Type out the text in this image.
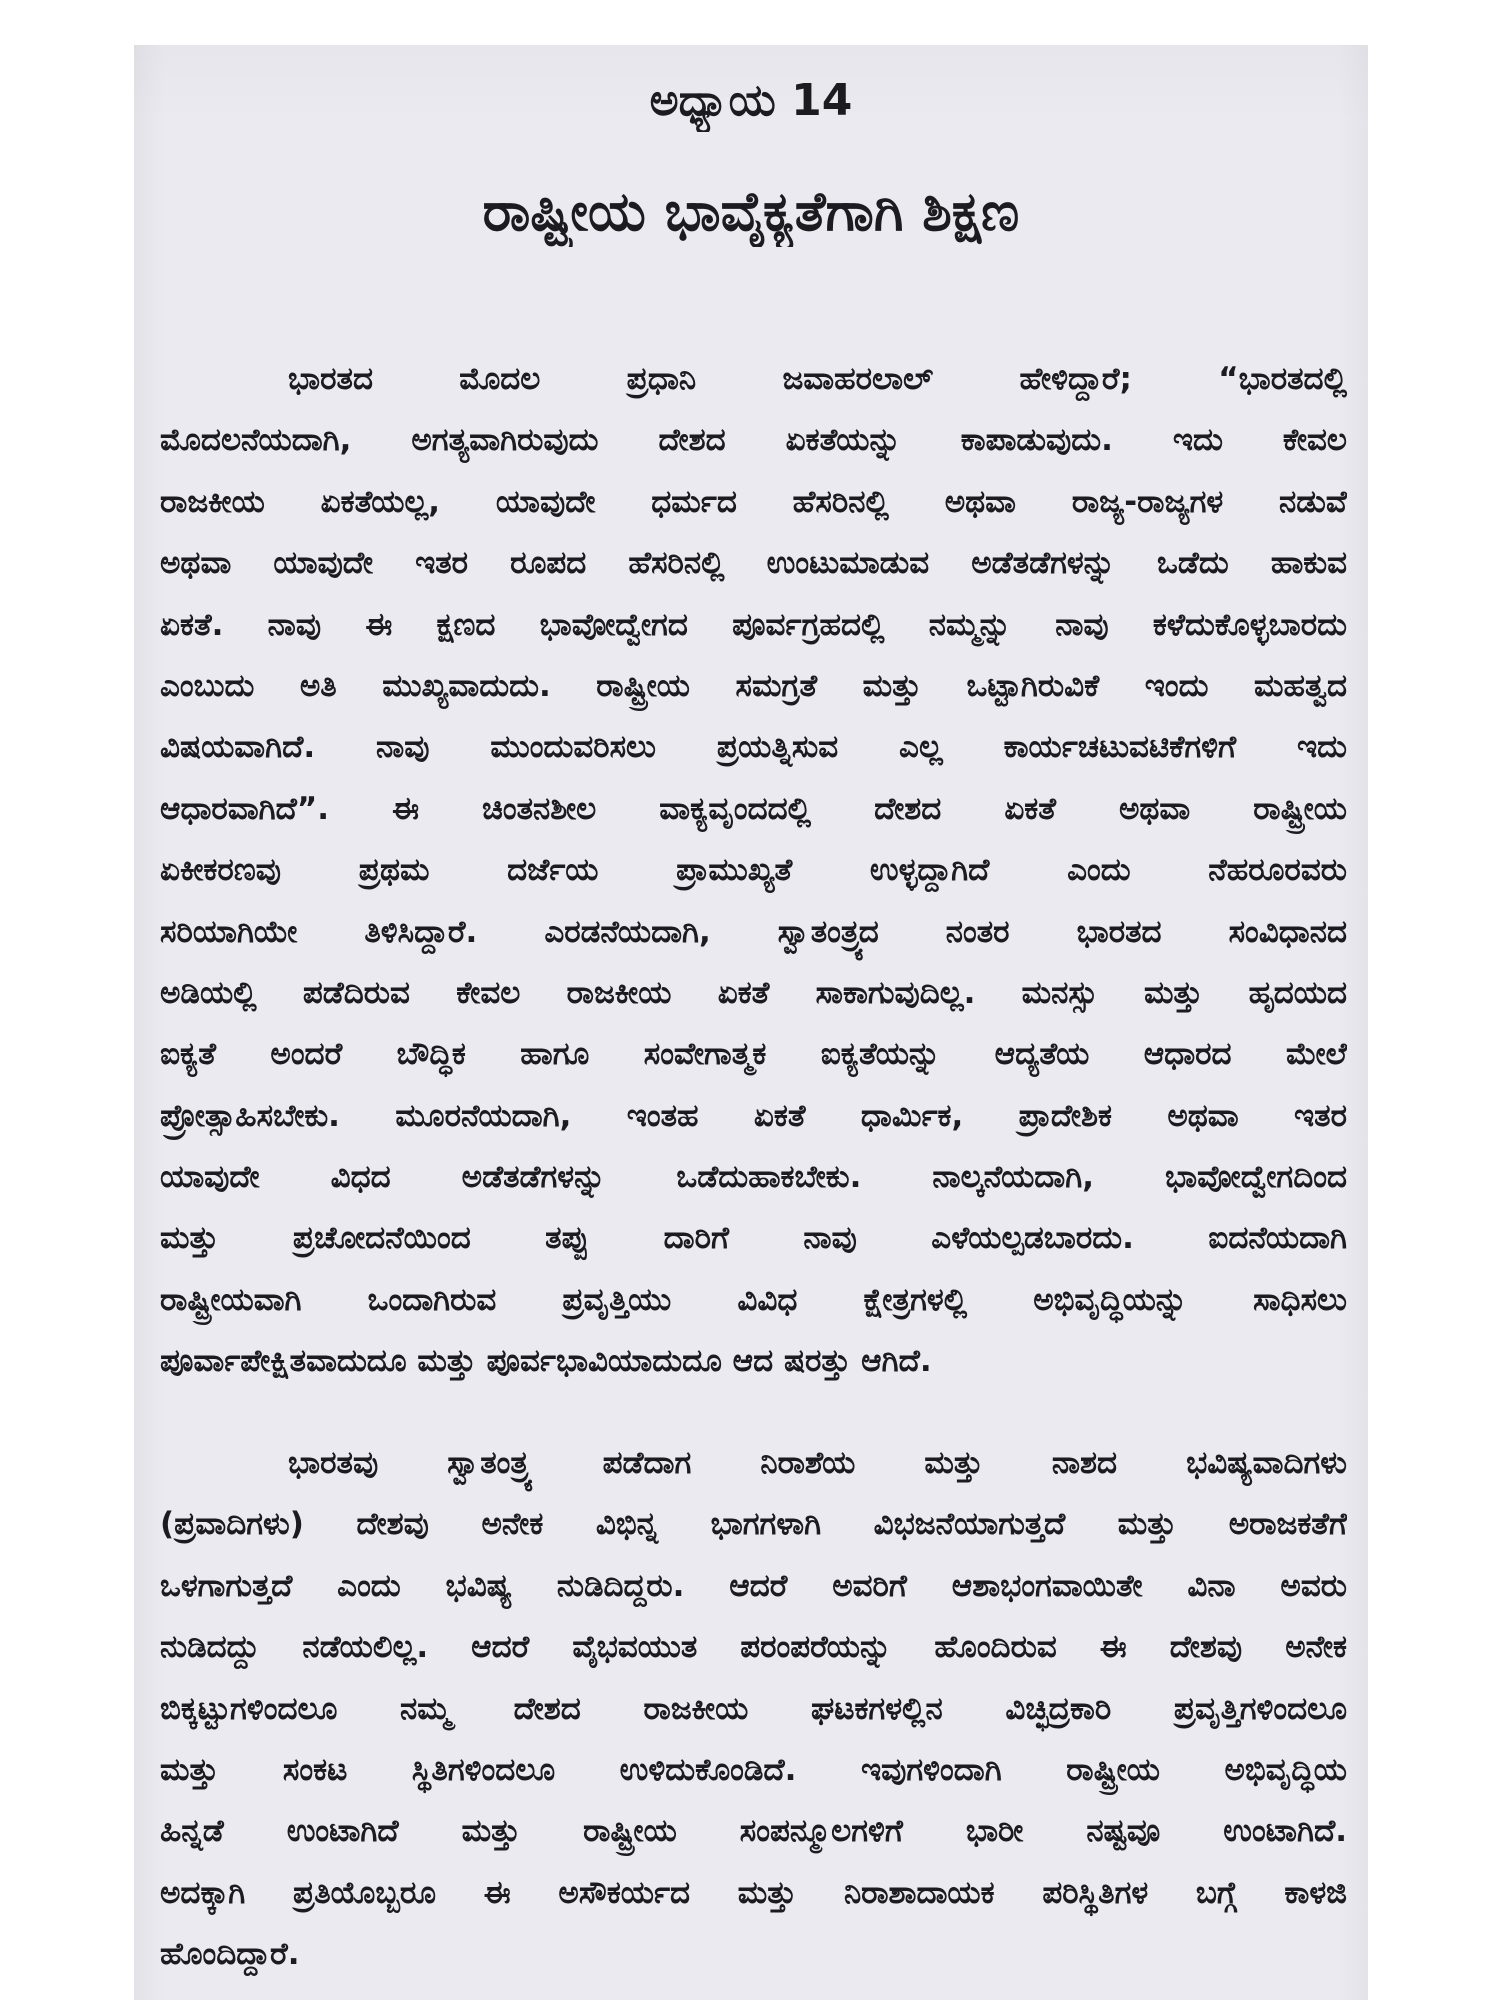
ಅಧ್ಯಾಯ 14
ರಾಷ್ಟ್ರೀಯ ಭಾವೈಕ್ಯತೆಗಾಗಿ ಶಿಕ್ಷಣ
ಭಾರತದ ಮೊದಲ ಪ್ರಧಾನಿ ಜವಾಹರಲಾಲ್ ಹೇಳಿದ್ದಾರೆ; “ಭಾರತದಲ್ಲಿ
ಮೊದಲನೆಯದಾಗಿ, ಅಗತ್ಯವಾಗಿರುವುದು ದೇಶದ ಏಕತೆಯನ್ನು ಕಾಪಾಡುವುದು. ಇದು ಕೇವಲ
ರಾಜಕೀಯ ಏಕತೆಯಲ್ಲ, ಯಾವುದೇ ಧರ್ಮದ ಹೆಸರಿನಲ್ಲಿ ಅಥವಾ ರಾಜ್ಯ-ರಾಜ್ಯಗಳ ನಡುವೆ
ಅಥವಾ ಯಾವುದೇ ಇತರ ರೂಪದ ಹೆಸರಿನಲ್ಲಿ ಉಂಟುಮಾಡುವ ಅಡೆತಡೆಗಳನ್ನು ಒಡೆದು ಹಾಕುವ
ಏಕತೆ. ನಾವು ಈ ಕ್ಷಣದ ಭಾವೋದ್ವೇಗದ ಪೂರ್ವಗ್ರಹದಲ್ಲಿ ನಮ್ಮನ್ನು ನಾವು ಕಳೆದುಕೊಳ್ಳಬಾರದು
ಎಂಬುದು ಅತಿ ಮುಖ್ಯವಾದುದು. ರಾಷ್ಟ್ರೀಯ ಸಮಗ್ರತೆ ಮತ್ತು ಒಟ್ಟಾಗಿರುವಿಕೆ ಇಂದು ಮಹತ್ವದ
ವಿಷಯವಾಗಿದೆ. ನಾವು ಮುಂದುವರಿಸಲು ಪ್ರಯತ್ನಿಸುವ ಎಲ್ಲ ಕಾರ್ಯಚಟುವಟಿಕೆಗಳಿಗೆ ಇದು
ಆಧಾರವಾಗಿದೆ”. ಈ ಚಿಂತನಶೀಲ ವಾಕ್ಯವೃಂದದಲ್ಲಿ ದೇಶದ ಏಕತೆ ಅಥವಾ ರಾಷ್ಟ್ರೀಯ
ಏಕೀಕರಣವು ಪ್ರಥಮ ದರ್ಜೆಯ ಪ್ರಾಮುಖ್ಯತೆ ಉಳ್ಳದ್ದಾಗಿದೆ ಎಂದು ನೆಹರೂರವರು
ಸರಿಯಾಗಿಯೇ ತಿಳಿಸಿದ್ದಾರೆ. ಎರಡನೆಯದಾಗಿ, ಸ್ವಾತಂತ್ರ್ಯದ ನಂತರ ಭಾರತದ ಸಂವಿಧಾನದ
ಅಡಿಯಲ್ಲಿ ಪಡೆದಿರುವ ಕೇವಲ ರಾಜಕೀಯ ಏಕತೆ ಸಾಕಾಗುವುದಿಲ್ಲ. ಮನಸ್ಸು ಮತ್ತು ಹೃದಯದ
ಐಕ್ಯತೆ ಅಂದರೆ ಬೌದ್ಧಿಕ ಹಾಗೂ ಸಂವೇಗಾತ್ಮಕ ಐಕ್ಯತೆಯನ್ನು ಆದ್ಯತೆಯ ಆಧಾರದ ಮೇಲೆ
ಪ್ರೋತ್ಸಾಹಿಸಬೇಕು. ಮೂರನೆಯದಾಗಿ, ಇಂತಹ ಏಕತೆ ಧಾರ್ಮಿಕ, ಪ್ರಾದೇಶಿಕ ಅಥವಾ ಇತರ
ಯಾವುದೇ ವಿಧದ ಅಡೆತಡೆಗಳನ್ನು ಒಡೆದುಹಾಕಬೇಕು. ನಾಲ್ಕನೆಯದಾಗಿ, ಭಾವೋದ್ವೇಗದಿಂದ
ಮತ್ತು ಪ್ರಚೋದನೆಯಿಂದ ತಪ್ಪು ದಾರಿಗೆ ನಾವು ಎಳೆಯಲ್ಪಡಬಾರದು. ಐದನೆಯದಾಗಿ
ರಾಷ್ಟ್ರೀಯವಾಗಿ ಒಂದಾಗಿರುವ ಪ್ರವೃತ್ತಿಯು ವಿವಿಧ ಕ್ಷೇತ್ರಗಳಲ್ಲಿ ಅಭಿವೃದ್ಧಿಯನ್ನು ಸಾಧಿಸಲು
ಪೂರ್ವಾಪೇಕ್ಷಿತವಾದುದೂ ಮತ್ತು ಪೂರ್ವಭಾವಿಯಾದುದೂ ಆದ ಷರತ್ತು ಆಗಿದೆ.
ಭಾರತವು ಸ್ವಾತಂತ್ರ್ಯ ಪಡೆದಾಗ ನಿರಾಶೆಯ ಮತ್ತು ನಾಶದ ಭವಿಷ್ಯವಾದಿಗಳು
(ಪ್ರವಾದಿಗಳು) ದೇಶವು ಅನೇಕ ವಿಭಿನ್ನ ಭಾಗಗಳಾಗಿ ವಿಭಜನೆಯಾಗುತ್ತದೆ ಮತ್ತು ಅರಾಜಕತೆಗೆ
ಒಳಗಾಗುತ್ತದೆ ಎಂದು ಭವಿಷ್ಯ ನುಡಿದಿದ್ದರು. ಆದರೆ ಅವರಿಗೆ ಆಶಾಭಂಗವಾಯಿತೇ ವಿನಾ ಅವರು
ನುಡಿದದ್ದು ನಡೆಯಲಿಲ್ಲ. ಆದರೆ ವೈಭವಯುತ ಪರಂಪರೆಯನ್ನು ಹೊಂದಿರುವ ಈ ದೇಶವು ಅನೇಕ
ಬಿಕ್ಕಟ್ಟುಗಳಿಂದಲೂ ನಮ್ಮ ದೇಶದ ರಾಜಕೀಯ ಘಟಕಗಳಲ್ಲಿನ ವಿಚ್ಛಿದ್ರಕಾರಿ ಪ್ರವೃತ್ತಿಗಳಿಂದಲೂ
ಮತ್ತು ಸಂಕಟ ಸ್ಥಿತಿಗಳಿಂದಲೂ ಉಳಿದುಕೊಂಡಿದೆ. ಇವುಗಳಿಂದಾಗಿ ರಾಷ್ಟ್ರೀಯ ಅಭಿವೃದ್ಧಿಯ
ಹಿನ್ನಡೆ ಉಂಟಾಗಿದೆ ಮತ್ತು ರಾಷ್ಟ್ರೀಯ ಸಂಪನ್ಮೂಲಗಳಿಗೆ ಭಾರೀ ನಷ್ಟವೂ ಉಂಟಾಗಿದೆ.
ಅದಕ್ಕಾಗಿ ಪ್ರತಿಯೊಬ್ಬರೂ ಈ ಅಸೌಕರ್ಯದ ಮತ್ತು ನಿರಾಶಾದಾಯಕ ಪರಿಸ್ಥಿತಿಗಳ ಬಗ್ಗೆ ಕಾಳಜಿ
ಹೊಂದಿದ್ದಾರೆ.
